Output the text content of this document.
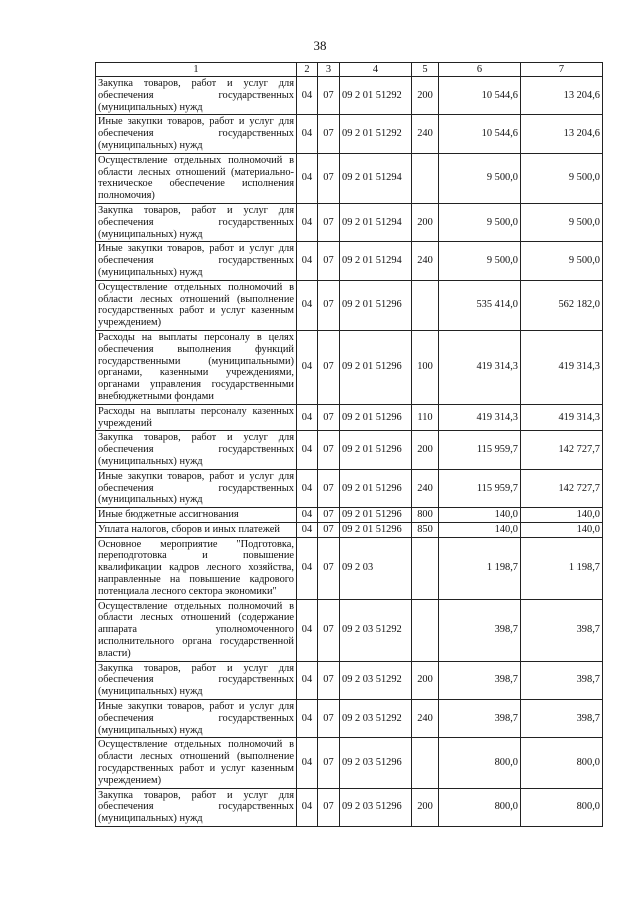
38
1	2	3	4	5	6	7
Закупка товаров, работ и услуг для обеспечения государственных (муниципальных) нужд	04	07	09 2 01 51292	200	10 544,6	13 204,6
Иные закупки товаров, работ и услуг для обеспечения государственных (муниципальных) нужд	04	07	09 2 01 51292	240	10 544,6	13 204,6
Осуществление отдельных полномочий в области лесных отношений (материально-техническое обеспечение исполнения полномочия)	04	07	09 2 01 51294		9 500,0	9 500,0
Закупка товаров, работ и услуг для обеспечения государственных (муниципальных) нужд	04	07	09 2 01 51294	200	9 500,0	9 500,0
Иные закупки товаров, работ и услуг для обеспечения государственных (муниципальных) нужд	04	07	09 2 01 51294	240	9 500,0	9 500,0
Осуществление отдельных полномочий в области лесных отношений (выполнение государственных работ и услуг казенным учреждением)	04	07	09 2 01 51296		535 414,0	562 182,0
Расходы на выплаты персоналу в целях обеспечения выполнения функций государственными (муниципальными) органами, казенными учреждениями, органами управления государственными внебюджетными фондами	04	07	09 2 01 51296	100	419 314,3	419 314,3
Расходы на выплаты персоналу казенных учреждений	04	07	09 2 01 51296	110	419 314,3	419 314,3
Закупка товаров, работ и услуг для обеспечения государственных (муниципальных) нужд	04	07	09 2 01 51296	200	115 959,7	142 727,7
Иные закупки товаров, работ и услуг для обеспечения государственных (муниципальных) нужд	04	07	09 2 01 51296	240	115 959,7	142 727,7
Иные бюджетные ассигнования	04	07	09 2 01 51296	800	140,0	140,0
Уплата налогов, сборов и иных платежей	04	07	09 2 01 51296	850	140,0	140,0
Основное мероприятие "Подготовка, переподготовка и повышение квалификации кадров лесного хозяйства, направленные на повышение кадрового потенциала лесного сектора экономики"	04	07	09 2 03		1 198,7	1 198,7
Осуществление отдельных полномочий в области лесных отношений (содержание аппарата уполномоченного исполнительного органа государственной власти)	04	07	09 2 03 51292		398,7	398,7
Закупка товаров, работ и услуг для обеспечения государственных (муниципальных) нужд	04	07	09 2 03 51292	200	398,7	398,7
Иные закупки товаров, работ и услуг для обеспечения государственных (муниципальных) нужд	04	07	09 2 03 51292	240	398,7	398,7
Осуществление отдельных полномочий в области лесных отношений (выполнение государственных работ и услуг казенным учреждением)	04	07	09 2 03 51296		800,0	800,0
Закупка товаров, работ и услуг для обеспечения государственных (муниципальных) нужд	04	07	09 2 03 51296	200	800,0	800,0
